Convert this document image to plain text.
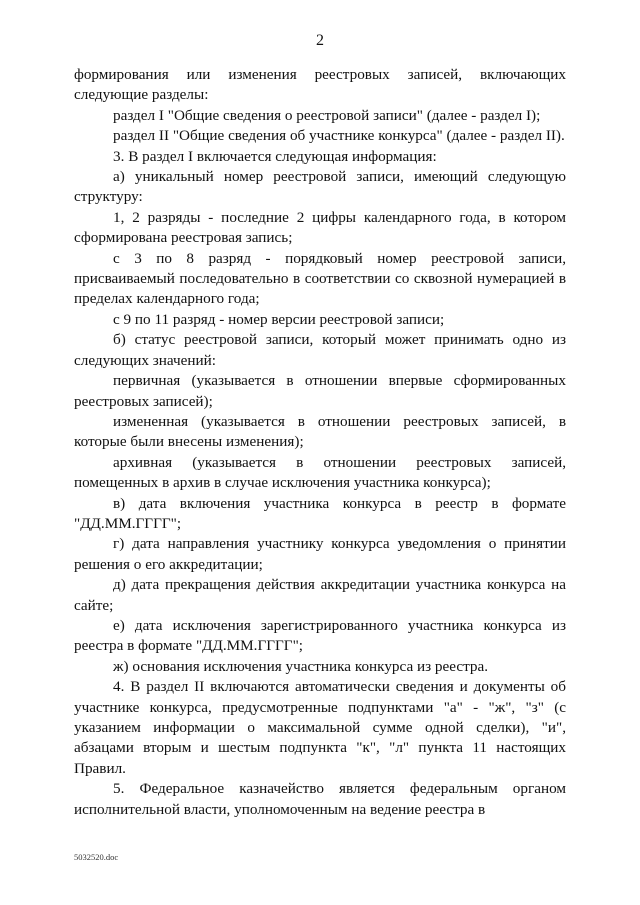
2

формирования или изменения реестровых записей, включающих следующие разделы:

раздел I "Общие сведения о реестровой записи" (далее - раздел I);

раздел II "Общие сведения об участнике конкурса" (далее - раздел II).

3. В раздел I включается следующая информация:

а) уникальный номер реестровой записи, имеющий следующую структуру:

1, 2 разряды - последние 2 цифры календарного года, в котором сформирована реестровая запись;

с 3 по 8 разряд - порядковый номер реестровой записи, присваиваемый последовательно в соответствии со сквозной нумерацией в пределах календарного года;

с 9 по 11 разряд - номер версии реестровой записи;

б) статус реестровой записи, который может принимать одно из следующих значений:

первичная (указывается в отношении впервые сформированных реестровых записей);

измененная (указывается в отношении реестровых записей, в которые были внесены изменения);

архивная (указывается в отношении реестровых записей, помещенных в архив в случае исключения участника конкурса);

в) дата включения участника конкурса в реестр в формате "ДД.ММ.ГГГГ";

г) дата направления участнику конкурса уведомления о принятии решения о его аккредитации;

д) дата прекращения действия аккредитации участника конкурса на сайте;

е) дата исключения зарегистрированного участника конкурса из реестра в формате "ДД.ММ.ГГГГ";

ж) основания исключения участника конкурса из реестра.

4. В раздел II включаются автоматически сведения и документы об участнике конкурса, предусмотренные подпунктами "а" - "ж", "з" (с указанием информации о максимальной сумме одной сделки), "и", абзацами вторым и шестым подпункта "к", "л" пункта 11 настоящих Правил.

5. Федеральное казначейство является федеральным органом исполнительной власти, уполномоченным на ведение реестра в

5032520.doc
